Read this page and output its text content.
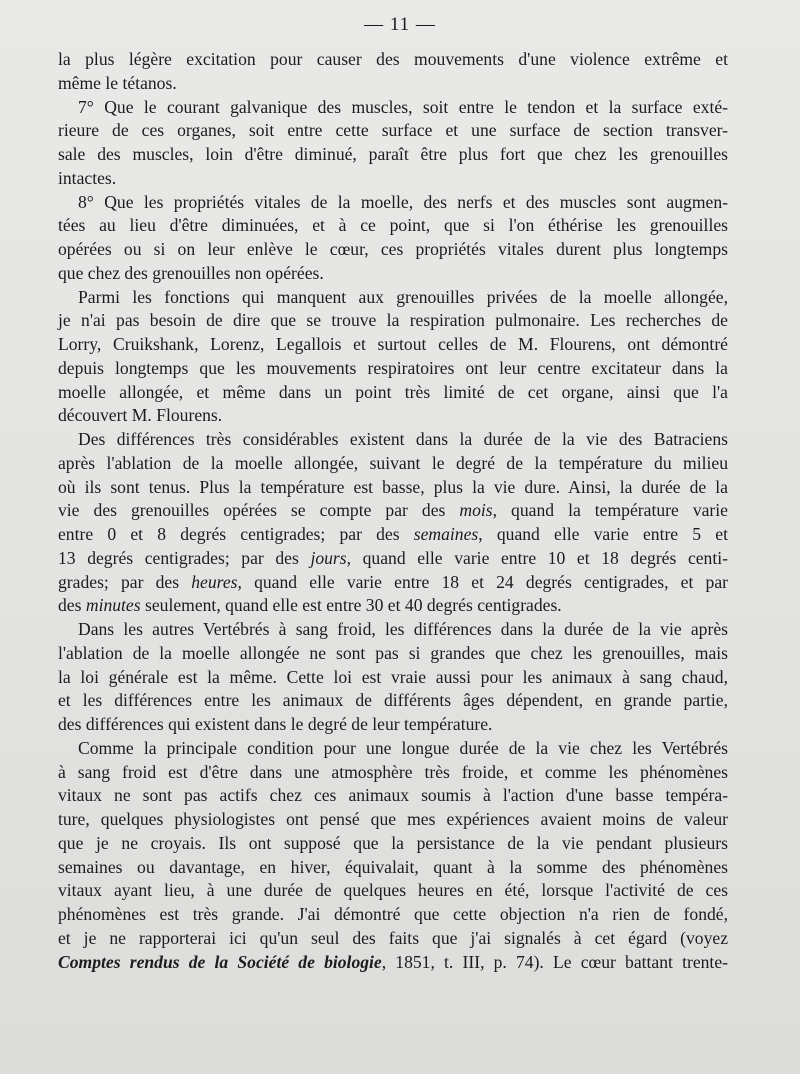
— 11 —
la plus légère excitation pour causer des mouvements d'une violence extrême et
même le tétanos.
7° Que le courant galvanique des muscles, soit entre le tendon et la surface exté-
rieure de ces organes, soit entre cette surface et une surface de section transver-
sale des muscles, loin d'être diminué, paraît être plus fort que chez les grenouilles
intactes.
8° Que les propriétés vitales de la moelle, des nerfs et des muscles sont augmen-
tées au lieu d'être diminuées, et à ce point, que si l'on éthérise les grenouilles
opérées ou si on leur enlève le cœur, ces propriétés vitales durent plus longtemps
que chez des grenouilles non opérées.
Parmi les fonctions qui manquent aux grenouilles privées de la moelle allongée,
je n'ai pas besoin de dire que se trouve la respiration pulmonaire. Les recherches de
Lorry, Cruikshank, Lorenz, Legallois et surtout celles de M. Flourens, ont démontré
depuis longtemps que les mouvements respiratoires ont leur centre excitateur dans la
moelle allongée, et même dans un point très limité de cet organe, ainsi que l'a
découvert M. Flourens.
Des différences très considérables existent dans la durée de la vie des Batraciens
après l'ablation de la moelle allongée, suivant le degré de la température du milieu
où ils sont tenus. Plus la température est basse, plus la vie dure. Ainsi, la durée de la
vie des grenouilles opérées se compte par des mois, quand la température varie
entre 0 et 8 degrés centigrades; par des semaines, quand elle varie entre 5 et
13 degrés centigrades; par des jours, quand elle varie entre 10 et 18 degrés centi-
grades; par des heures, quand elle varie entre 18 et 24 degrés centigrades, et par
des minutes seulement, quand elle est entre 30 et 40 degrés centigrades.
Dans les autres Vertébrés à sang froid, les différences dans la durée de la vie après
l'ablation de la moelle allongée ne sont pas si grandes que chez les grenouilles, mais
la loi générale est la même. Cette loi est vraie aussi pour les animaux à sang chaud,
et les différences entre les animaux de différents âges dépendent, en grande partie,
des différences qui existent dans le degré de leur température.
Comme la principale condition pour une longue durée de la vie chez les Vertébrés
à sang froid est d'être dans une atmosphère très froide, et comme les phénomènes
vitaux ne sont pas actifs chez ces animaux soumis à l'action d'une basse tempéra-
ture, quelques physiologistes ont pensé que mes expériences avaient moins de valeur
que je ne croyais. Ils ont supposé que la persistance de la vie pendant plusieurs
semaines ou davantage, en hiver, équivalait, quant à la somme des phénomènes
vitaux ayant lieu, à une durée de quelques heures en été, lorsque l'activité de ces
phénomènes est très grande. J'ai démontré que cette objection n'a rien de fondé,
et je ne rapporterai ici qu'un seul des faits que j'ai signalés à cet égard (voyez
Comptes rendus de la Société de biologie, 1851, t. III, p. 74). Le cœur battant trente-
